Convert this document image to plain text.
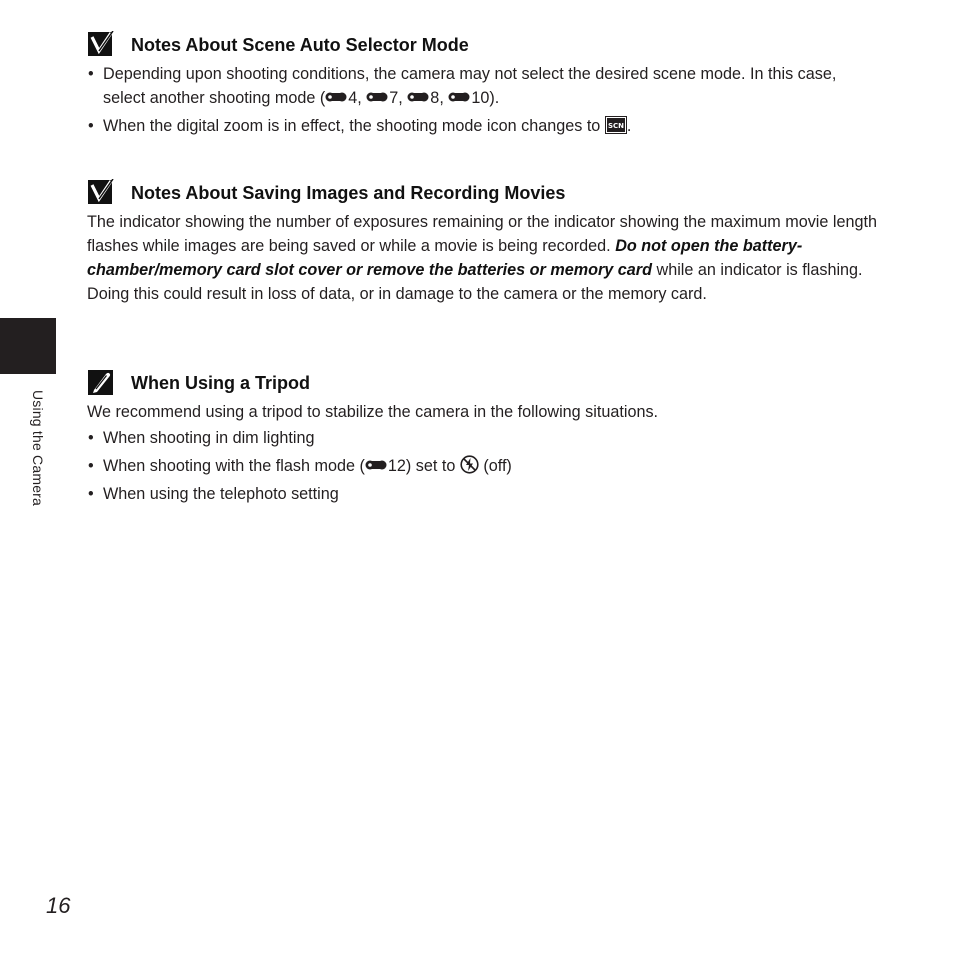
Using the Camera
Notes About Scene Auto Selector Mode
• Depending upon shooting conditions, the camera may not select the desired scene mode. In this case, select another shooting mode ( 4, 7, 8, 10).
• When the digital zoom is in effect, the shooting mode icon changes to SCN .
Notes About Saving Images and Recording Movies
The indicator showing the number of exposures remaining or the indicator showing the maximum movie length flashes while images are being saved or while a movie is being recorded. Do not open the battery-chamber/memory card slot cover or remove the batteries or memory card while an indicator is flashing. Doing this could result in loss of data, or in damage to the camera or the memory card.
When Using a Tripod
We recommend using a tripod to stabilize the camera in the following situations.
• When shooting in dim lighting
• When shooting with the flash mode ( 12) set to  (off)
• When using the telephoto setting
16
